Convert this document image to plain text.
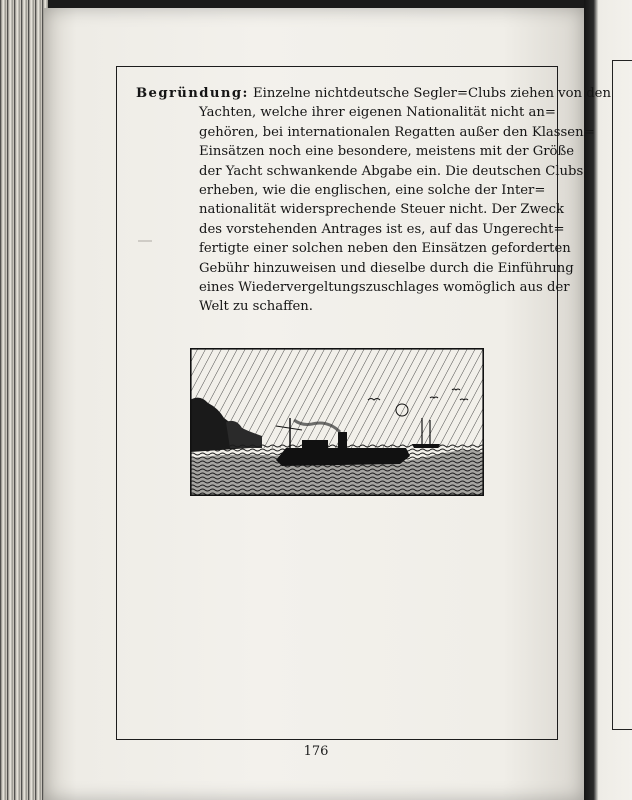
Begründung: Einzelne nichtdeutsche Segler=Clubs ziehen von den
Yachten, welche ihrer eigenen Nationalität nicht an=
gehören, bei internationalen Regatten außer den Klassen=
Einsätzen noch eine besondere, meistens mit der Größe
der Yacht schwankende Abgabe ein. Die deutschen Clubs
erheben, wie die englischen, eine solche der Inter=
nationalität widersprechende Steuer nicht. Der Zweck
des vorstehenden Antrages ist es, auf das Ungerecht=
fertigte einer solchen neben den Einsätzen geforderten
Gebühr hinzuweisen und dieselbe durch die Einführung
eines Wiedervergeltungszuschlages womöglich aus der
Welt zu schaffen.
176
